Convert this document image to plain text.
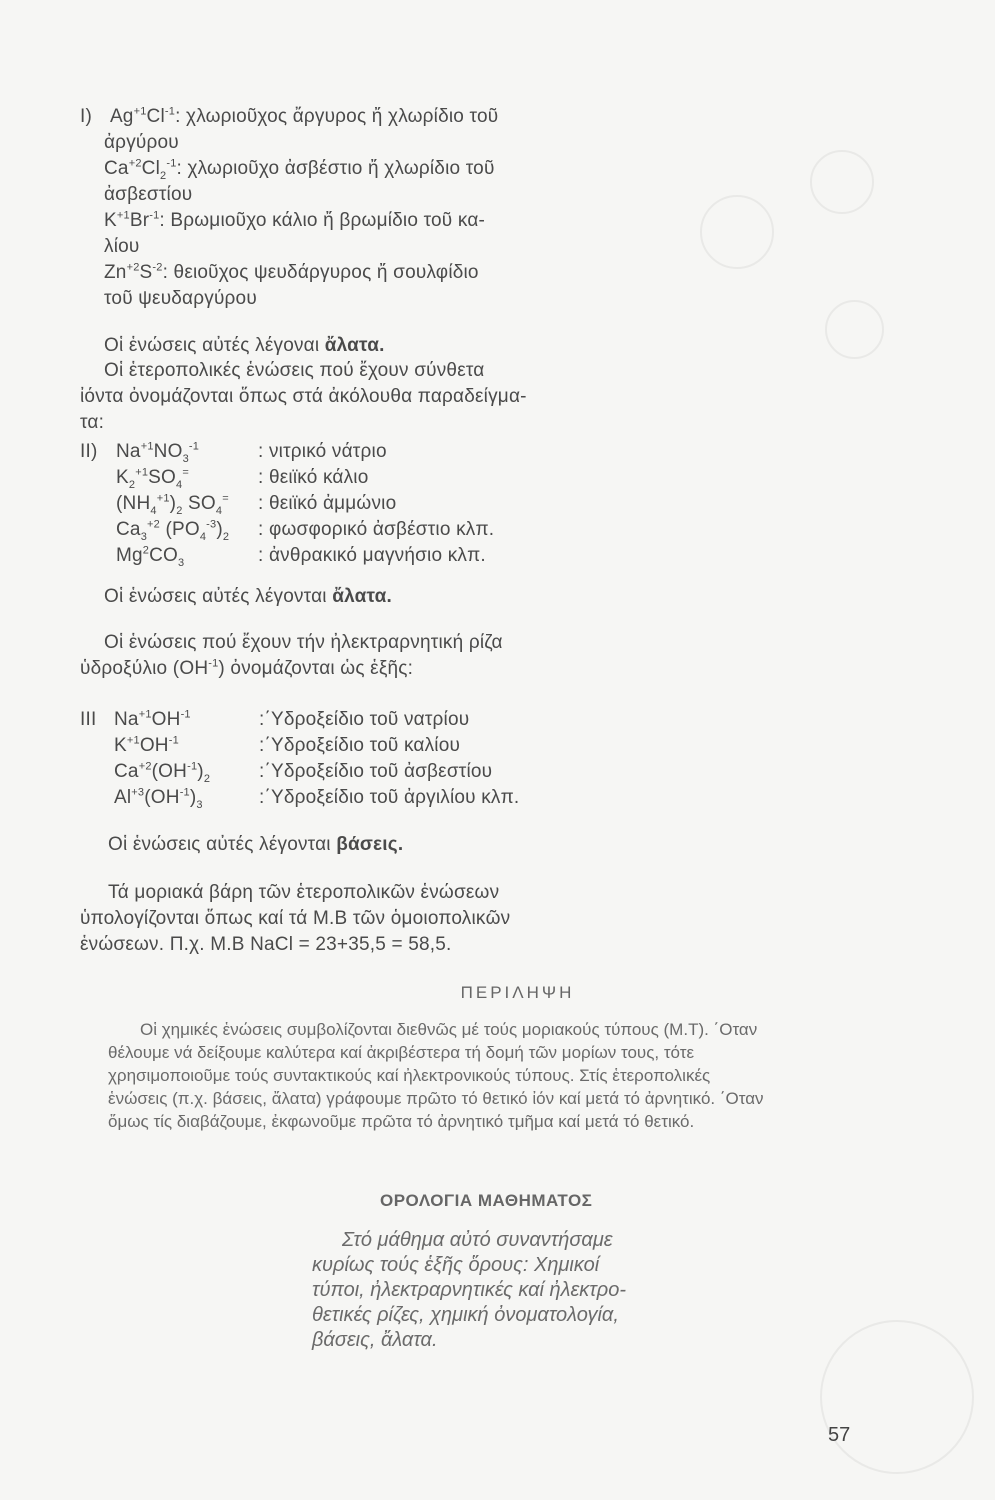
I) $Ag^{+1}Cl^{-1}$: χλωριοῦχος ἄργυρος ἤ χλωρίδιο τοῦ
ἀργύρου
$Ca^{+2}Cl_2^{-1}$: χλωριοῦχο ἀσβέστιο ἤ χλωρίδιο τοῦ
ἀσβεστίου
$K^{+1}Br^{-1}$: Βρωμιοῦχο κάλιο ἤ βρωμίδιο τοῦ κα-
λίου
$Zn^{+2}S^{-2}$: θειοῦχος ψευδάργυρος ἤ σουλφίδιο
τοῦ ψευδαργύρου
Οἱ ἑνώσεις αὐτές λέγοναι ἄλατα.
Οἱ ἑτεροπολικές ἑνώσεις πού ἔχουν σύνθετα
ἰόντα ὀνομάζονται ὅπως στά ἀκόλουθα παραδείγμα-
τα:
II) $Na^{+1}NO_3^{-1}$	: νιτρικό νάτριο
$K_2^{+1}SO_4^=$	: θειϊκό κάλιο
$(NH_4^{+1})_2$ $SO_4^=$ : θειϊκό ἀμμώνιο
$Ca_3^{+2}$ $(PO_4^{-3})_2$ : φωσφορικό ἀσβέστιο κλπ.
$Mg^2CO_3$	: ἀνθρακικό μαγνήσιο κλπ.
Οἱ ἑνώσεις αὐτές λέγονται ἄλατα.
Οἱ ἑνώσεις πού ἔχουν τήν ἠλεκτραρνητική ρίζα
ὑδροξύλιο $(OH^{-1})$ ὀνομάζονται ὡς ἑξῆς:
III $Na^{+1}OH^{-1}$	:΄Υδροξείδιο τοῦ νατρίου
$K^{+1}OH^{-1}$	:΄Υδροξείδιο τοῦ καλίου
$Ca^{+2}(OH^{-1})_2$	:΄Υδροξείδιο τοῦ ἀσβεστίου
$Al^{+3}(OH^{-1})_3$	:΄Υδροξείδιο τοῦ ἀργιλίου κλπ.
Οἱ ἑνώσεις αὐτές λέγονται βάσεις.
Τά μοριακά βάρη τῶν ἑτεροπολικῶν ἑνώσεων
ὑπολογίζονται ὅπως καί τά Μ.Β τῶν ὁμοιοπολικῶν
ἑνώσεων. Π.χ. Μ.Β NaCl = 23+35,5 = 58,5.
ΠΕΡΙΛΗΨΗ
Οἱ χημικές ἑνώσεις συμβολίζονται διεθνῶς μέ τούς μοριακούς τύπους (Μ.Τ). ΄Οταν
θέλουμε νά δείξουμε καλύτερα καί ἀκριβέστερα τή δομή τῶν μορίων τους, τότε
χρησιμοποιοῦμε τούς συντακτικούς καί ἠλεκτρονικούς τύπους. Στίς ἑτεροπολικές
ἑνώσεις (π.χ. βάσεις, ἄλατα) γράφουμε πρῶτο τό θετικό ἰόν καί μετά τό ἀρνητικό. ΄Οταν
ὅμως τίς διαβάζουμε, ἐκφωνοῦμε πρῶτα τό ἀρνητικό τμῆμα καί μετά τό θετικό.
ΟΡΟΛΟΓΙΑ ΜΑΘΗΜΑΤΟΣ
Στό μάθημα αὐτό συναντήσαμε
κυρίως τούς ἑξῆς ὅρους: Χημικοί
τύποι, ἠλεκτραρνητικές καί ἠλεκτρο-
θετικές ρίζες, χημική ὀνοματολογία,
βάσεις, ἄλατα.
57
